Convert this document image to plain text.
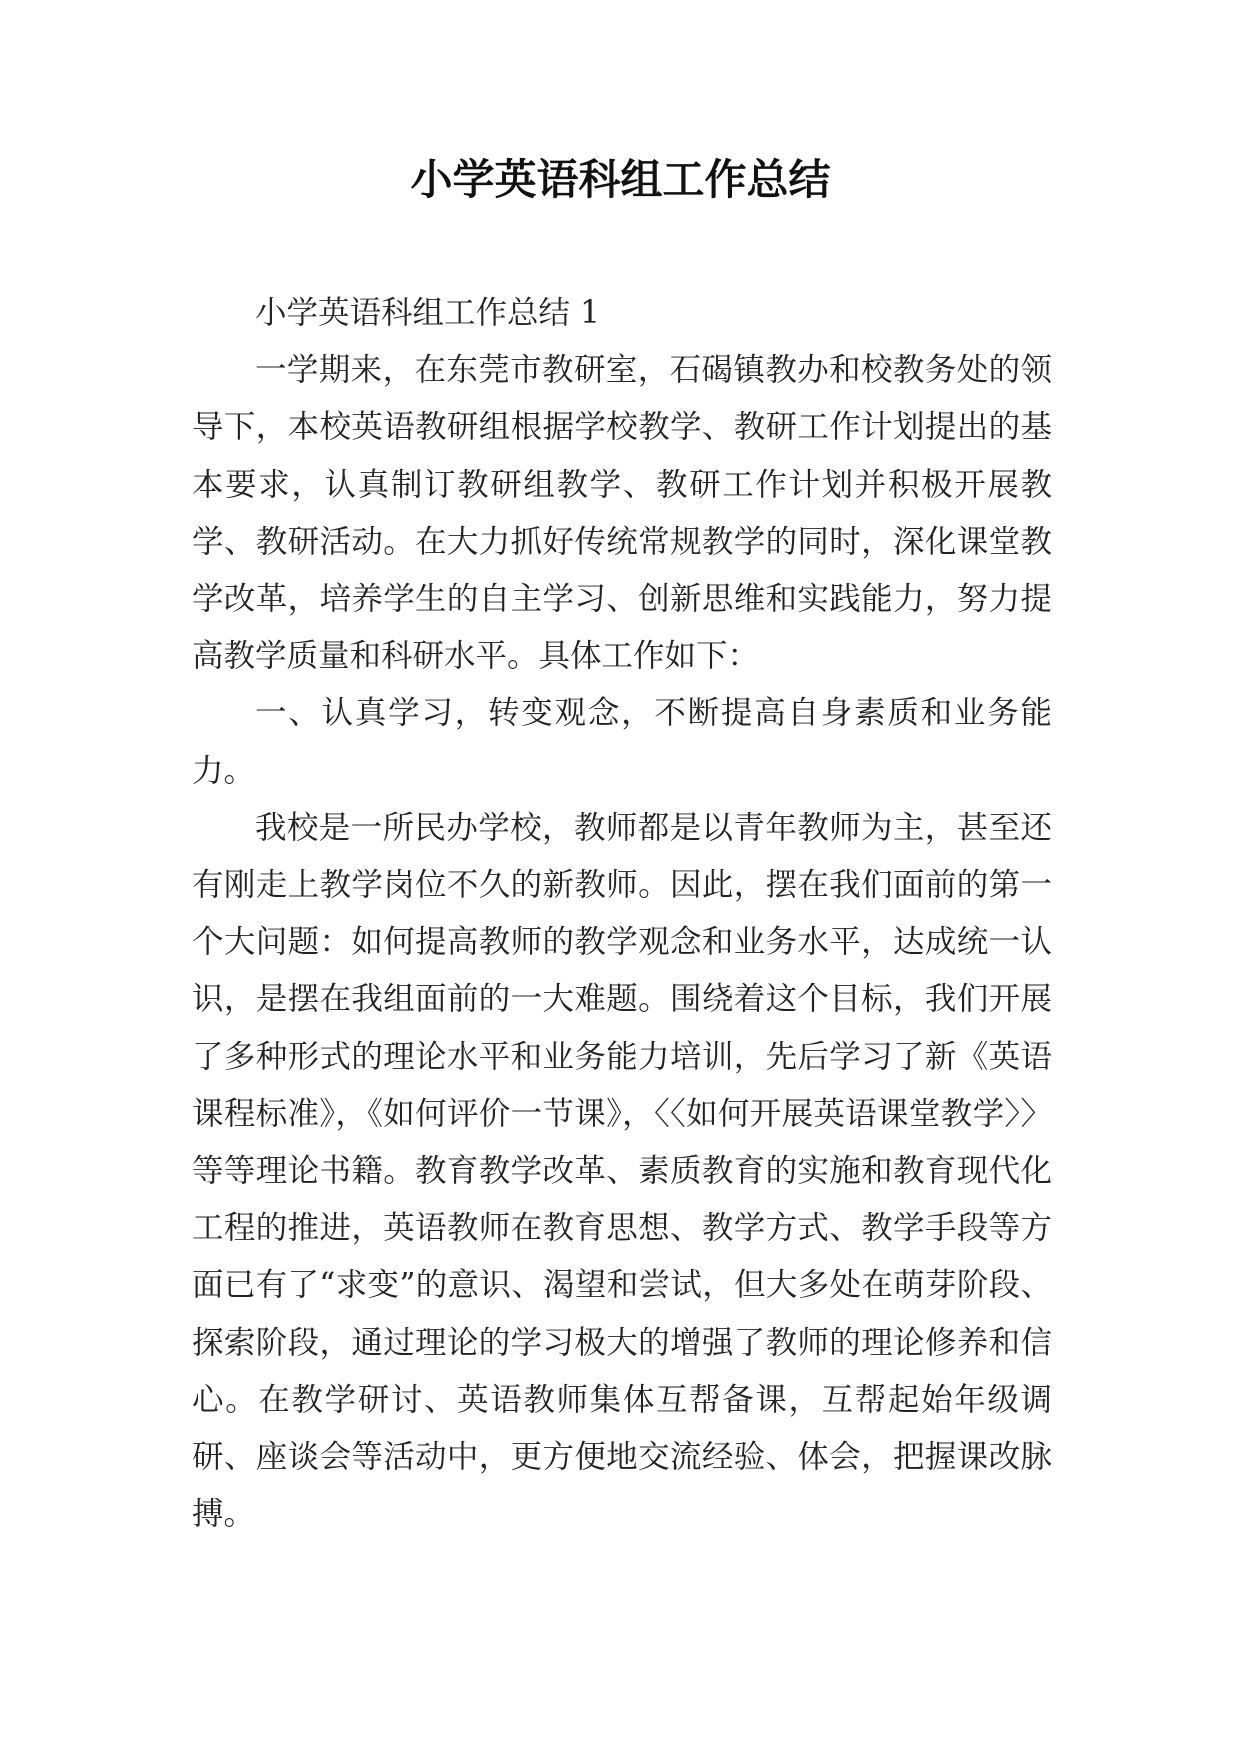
小学英语科组工作总结

小学英语科组工作总结 1

一学期来，在东莞市教研室，石碣镇教办和校教务处的领导下，本校英语教研组根据学校教学、教研工作计划提出的基本要求，认真制订教研组教学、教研工作计划并积极开展教学、教研活动。在大力抓好传统常规教学的同时，深化课堂教学改革，培养学生的自主学习、创新思维和实践能力，努力提高教学质量和科研水平。具体工作如下：

一、认真学习，转变观念，不断提高自身素质和业务能力。

我校是一所民办学校，教师都是以青年教师为主，甚至还有刚走上教学岗位不久的新教师。因此，摆在我们面前的第一个大问题：如何提高教师的教学观念和业务水平，达成统一认识，是摆在我组面前的一大难题。围绕着这个目标，我们开展了多种形式的理论水平和业务能力培训，先后学习了新《英语课程标准》，《如何评价一节课》，〈〈如何开展英语课堂教学〉〉 等等理论书籍。教育教学改革、素质教育的实施和教育现代化工程的推进，英语教师在教育思想、教学方式、教学手段等方面已有了“求变”的意识、渴望和尝试，但大多处在萌芽阶段、探索阶段，通过理论的学习极大的增强了教师的理论修养和信心。在教学研讨、英语教师集体互帮备课，互帮起始年级调研、座谈会等活动中，更方便地交流经验、体会，把握课改脉搏。
